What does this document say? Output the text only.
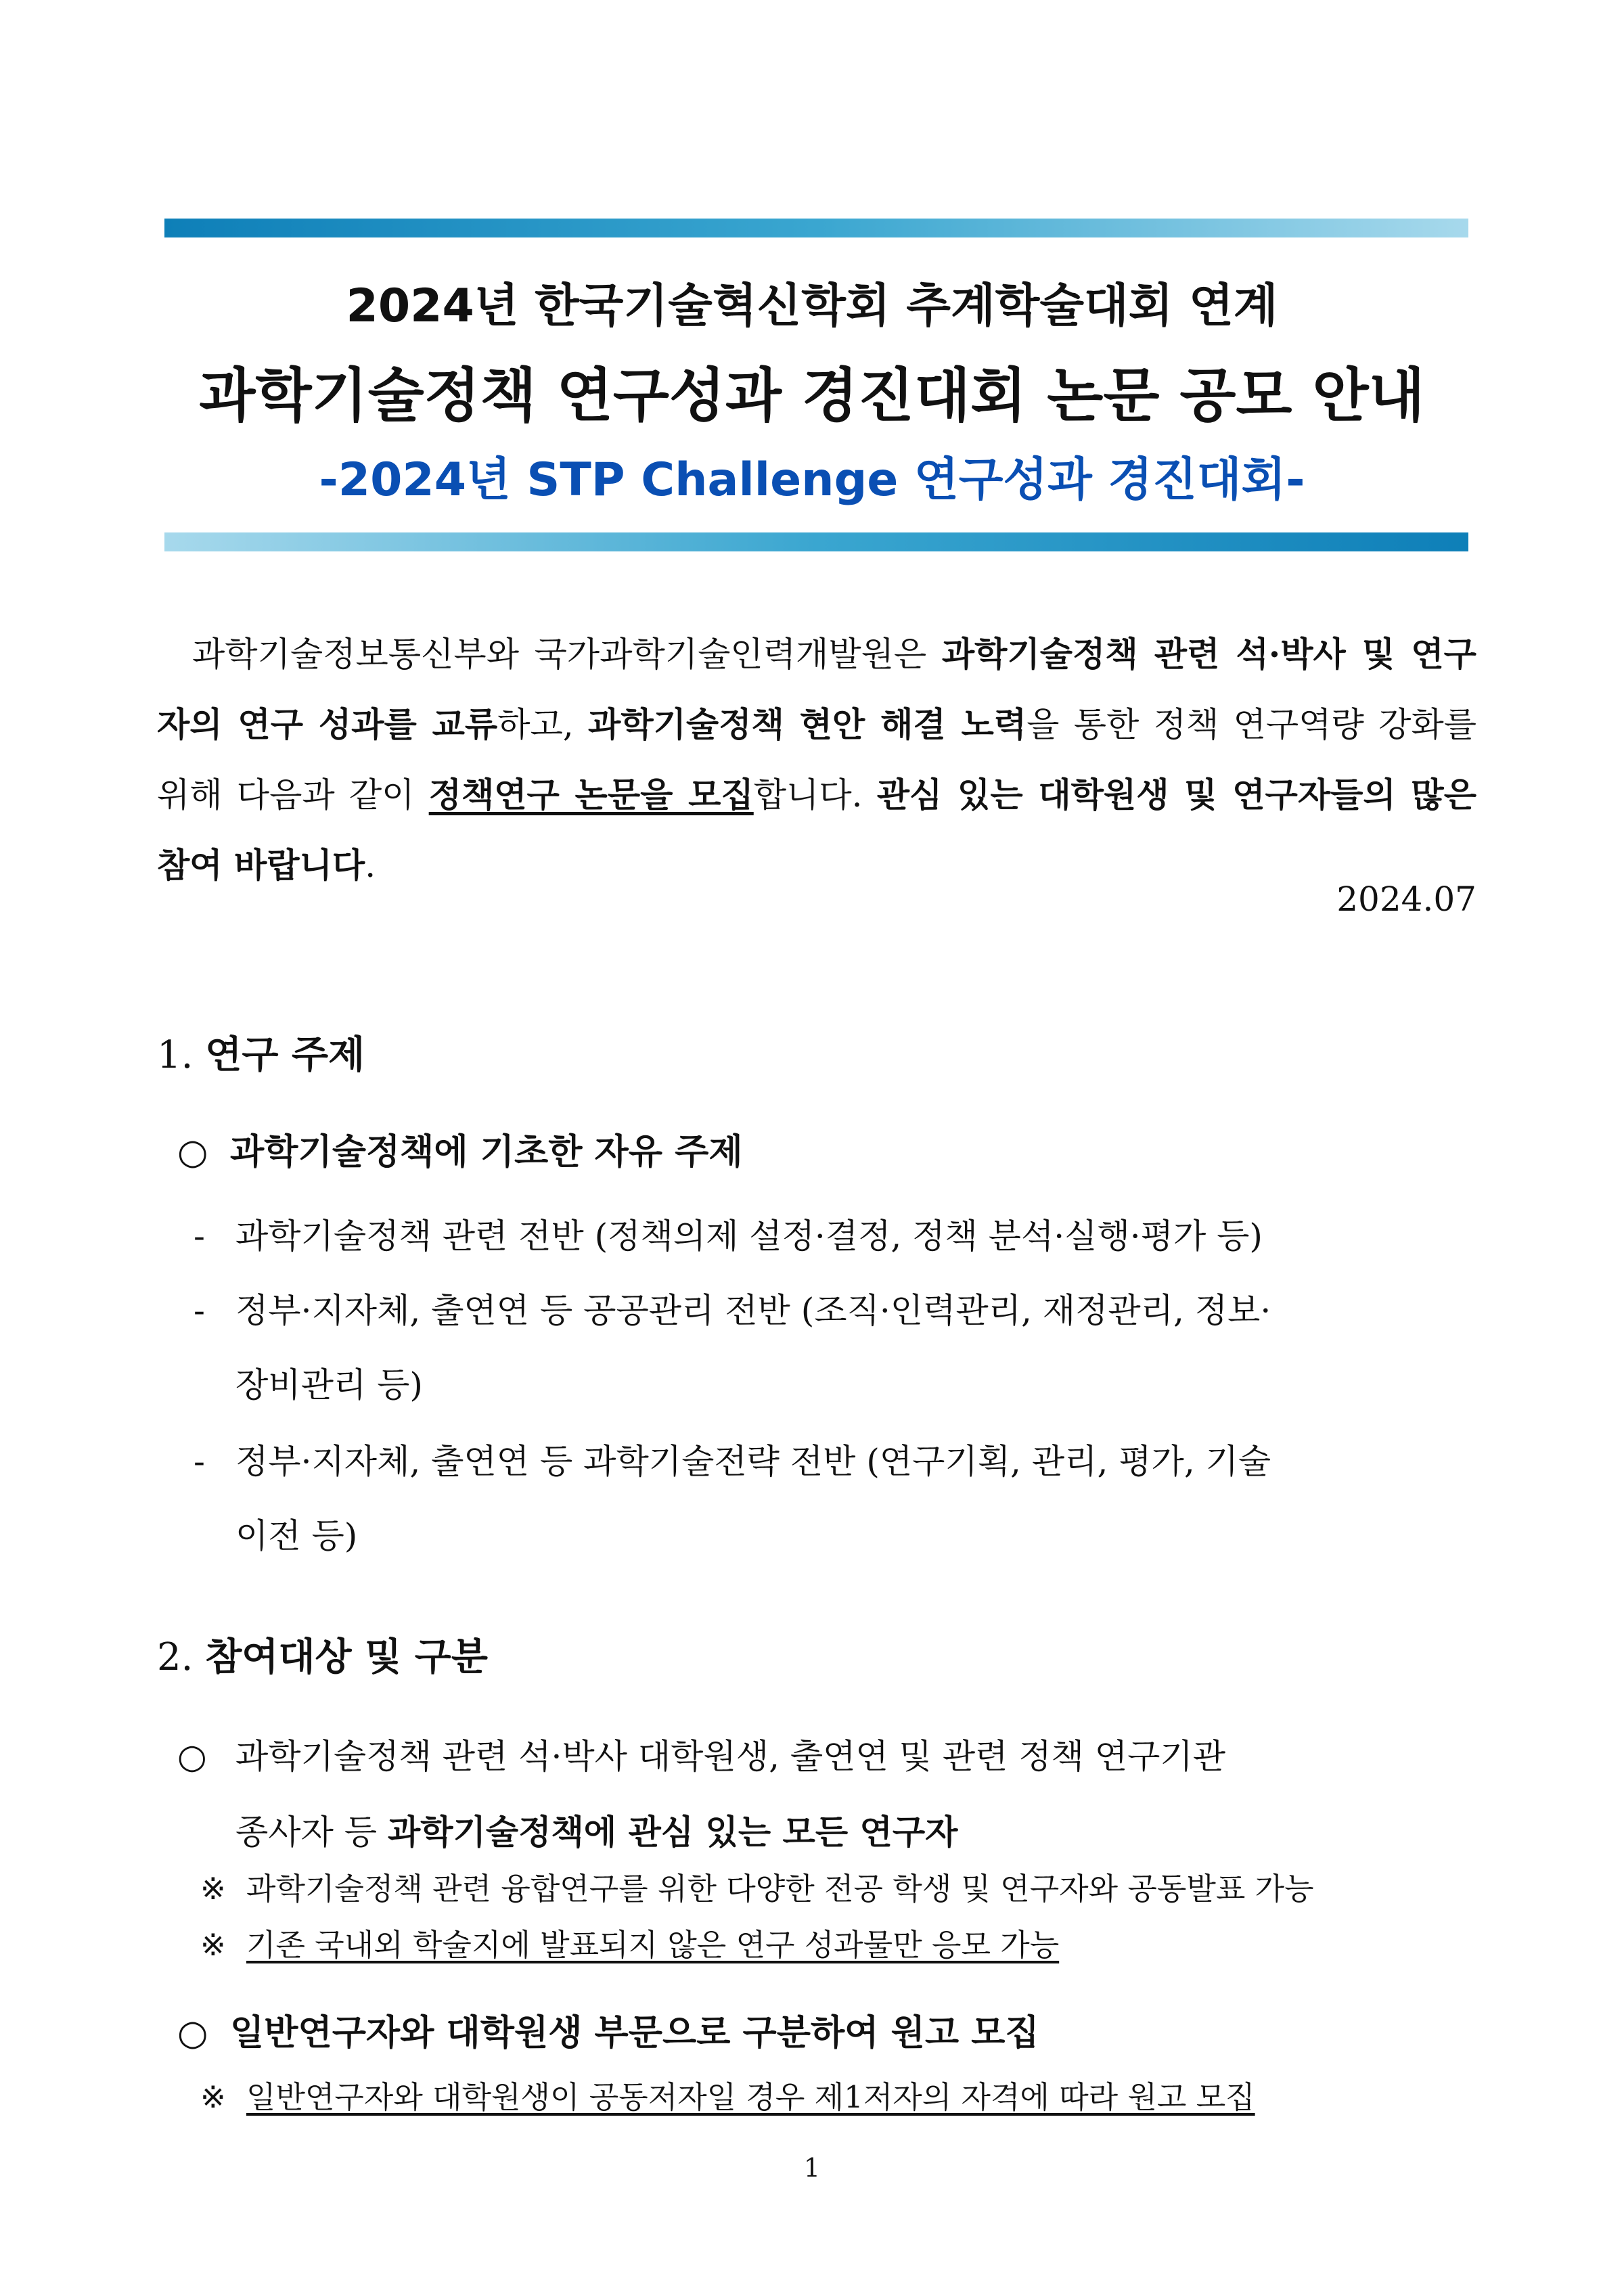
2024년 한국기술혁신학회 추계학술대회 연계
과학기술정책 연구성과 경진대회 논문 공모 안내
-2024년 STP Challenge 연구성과 경진대회-
과학기술정보통신부와 국가과학기술인력개발원은 과학기술정책 관련 석·박사 및 연구자의 연구 성과를 교류하고, 과학기술정책 현안 해결 노력을 통한 정책 연구역량 강화를 위해 다음과 같이 정책연구 논문을 모집합니다. 관심 있는 대학원생 및 연구자들의 많은 참여 바랍니다.
2024.07
1. 연구 주제
○ 과학기술정책에 기초한 자유 주제
- 과학기술정책 관련 전반 (정책의제 설정·결정, 정책 분석·실행·평가 등)
- 정부·지자체, 출연연 등 공공관리 전반 (조직·인력관리, 재정관리, 정보·
장비관리 등)
- 정부·지자체, 출연연 등 과학기술전략 전반 (연구기획, 관리, 평가, 기술
이전 등)
2. 참여대상 및 구분
○ 과학기술정책 관련 석·박사 대학원생, 출연연 및 관련 정책 연구기관
종사자 등 과학기술정책에 관심 있는 모든 연구자
※ 과학기술정책 관련 융합연구를 위한 다양한 전공 학생 및 연구자와 공동발표 가능
※ 기존 국내외 학술지에 발표되지 않은 연구 성과물만 응모 가능
○ 일반연구자와 대학원생 부문으로 구분하여 원고 모집
※ 일반연구자와 대학원생이 공동저자일 경우 제1저자의 자격에 따라 원고 모집
1
